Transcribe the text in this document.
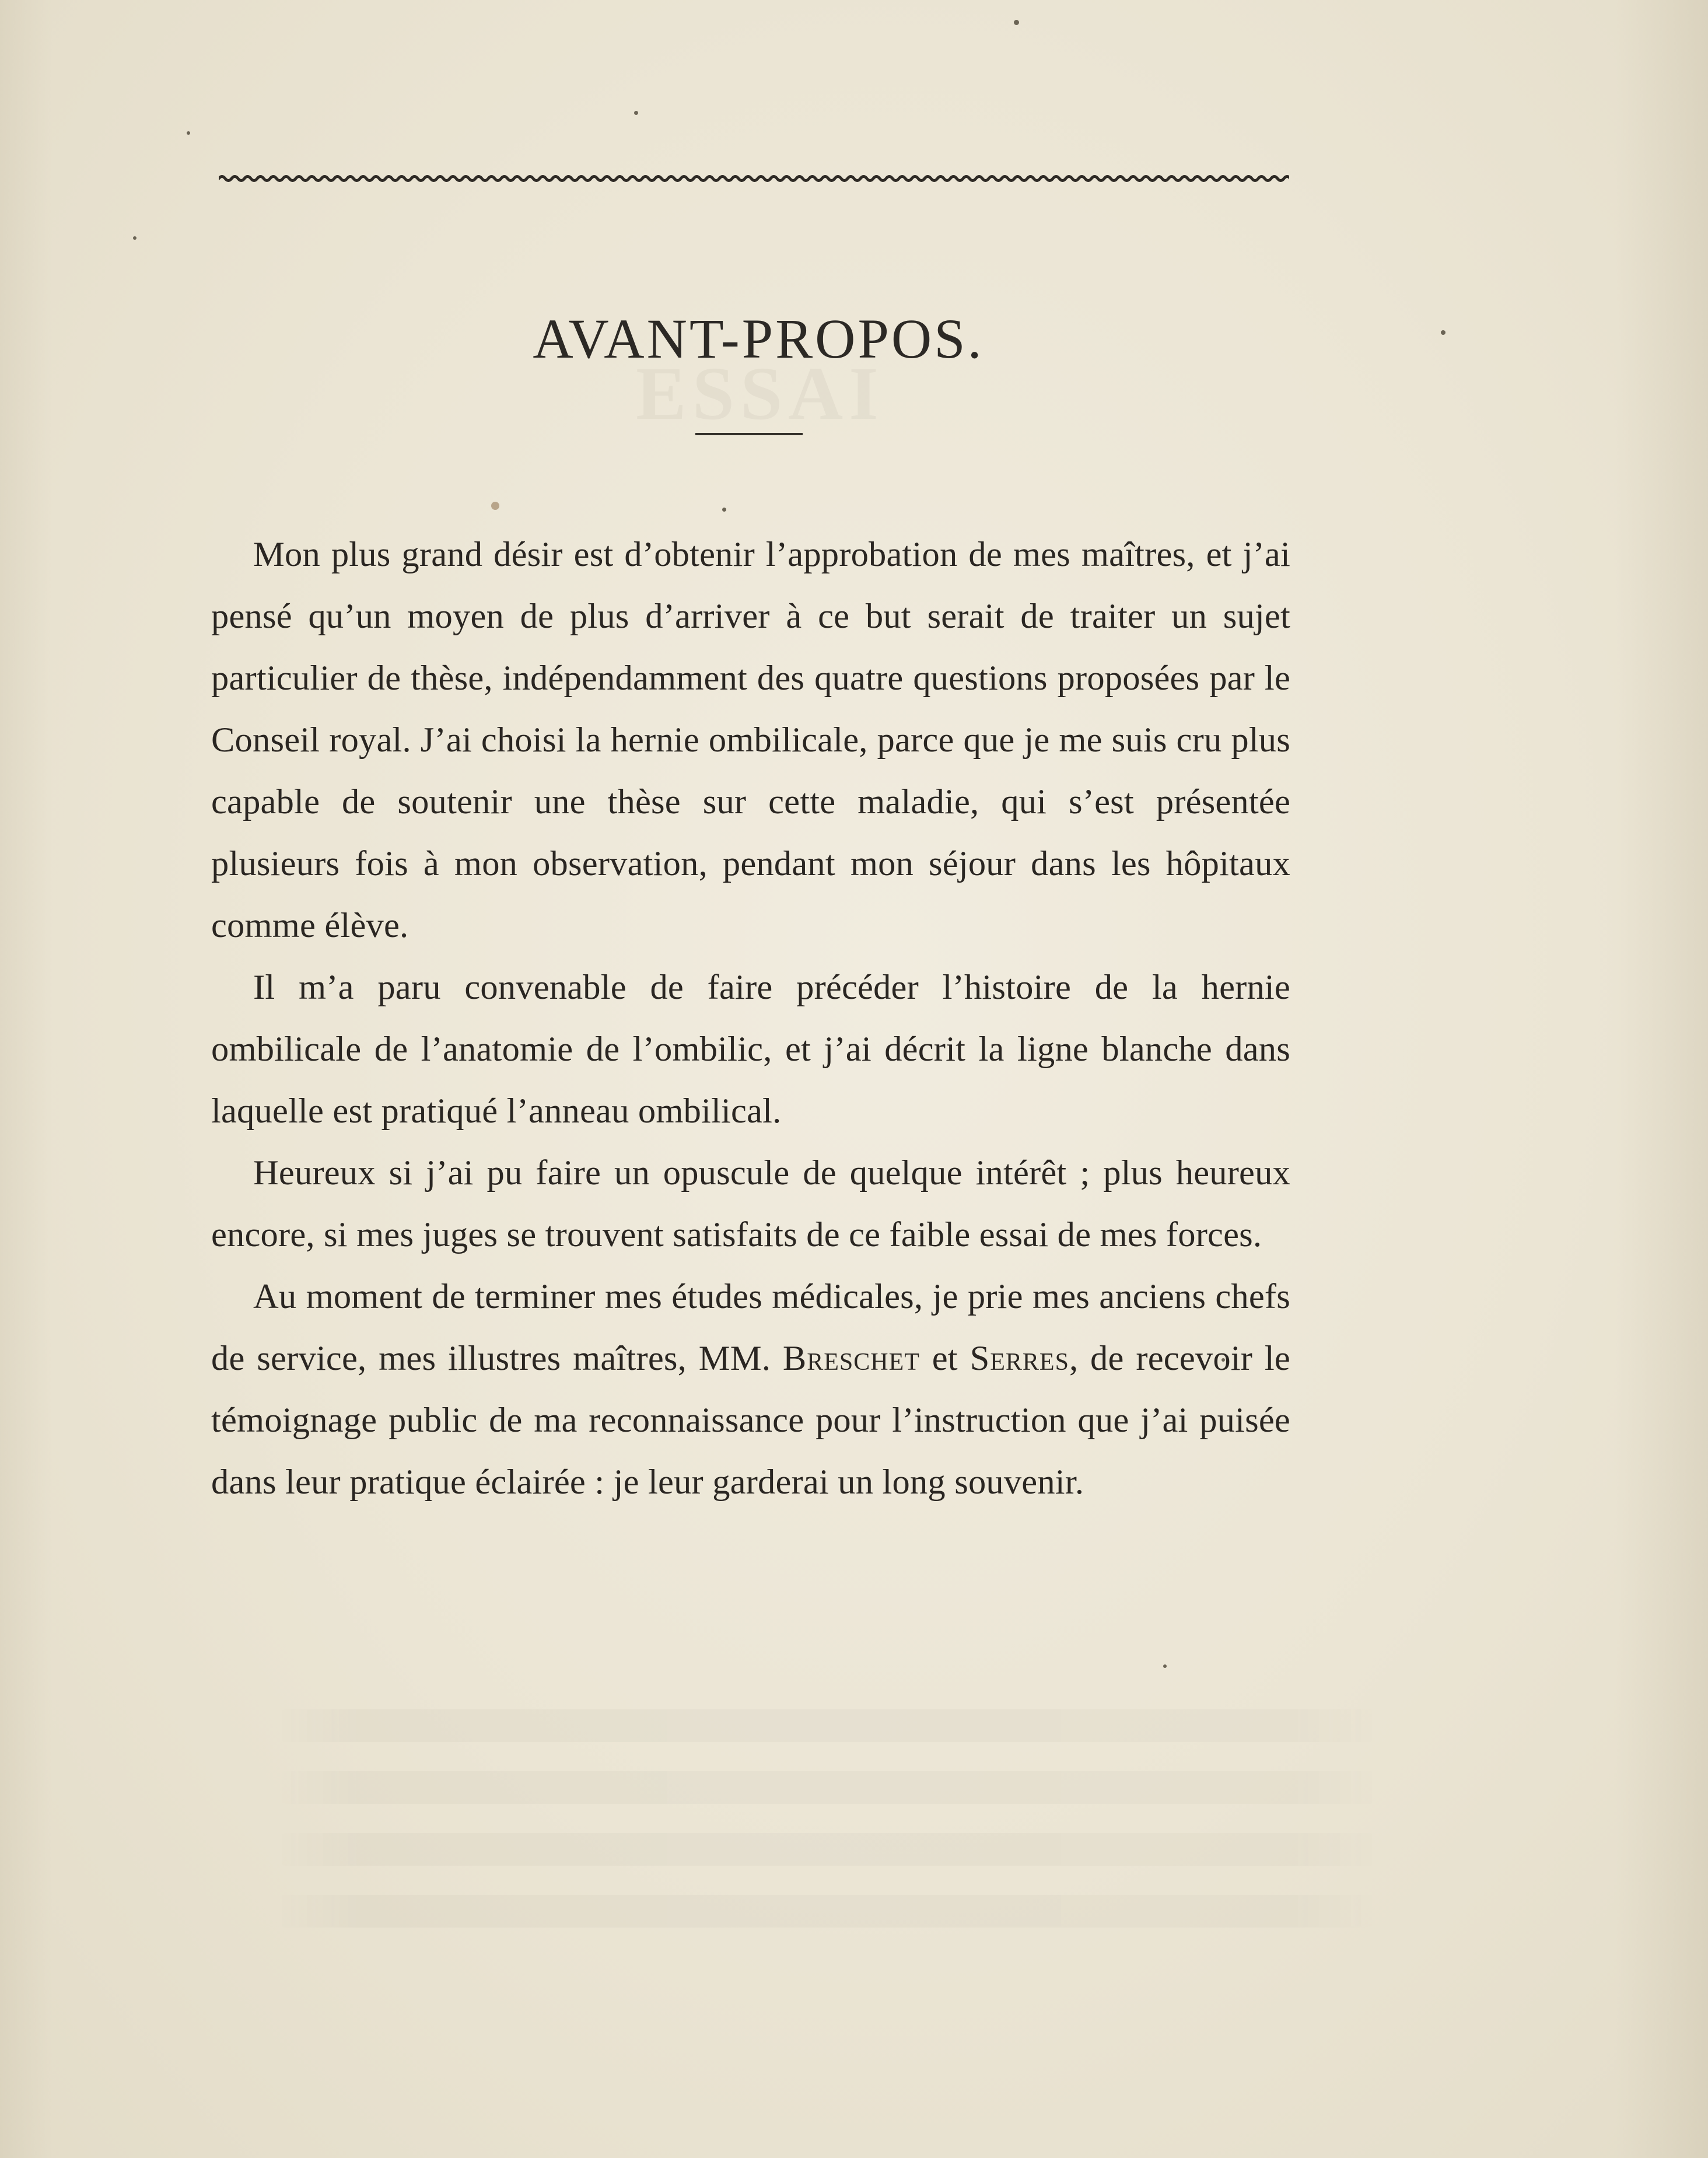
ESSAI
AVANT-PROPOS.

Mon plus grand désir est d’obtenir l’approbation de mes maîtres, et j’ai pensé qu’un moyen de plus d’arriver à ce but serait de traiter un sujet particulier de thèse, indépendamment des quatre questions proposées par le Conseil royal. J’ai choisi la hernie ombilicale, parce que je me suis cru plus capable de soutenir une thèse sur cette maladie, qui s’est présentée plusieurs fois à mon observation, pendant mon séjour dans les hôpitaux comme élève.

Il m’a paru convenable de faire précéder l’histoire de la hernie ombilicale de l’anatomie de l’ombilic, et j’ai décrit la ligne blanche dans laquelle est pratiqué l’anneau ombilical.

Heureux si j’ai pu faire un opuscule de quelque intérêt ; plus heureux encore, si mes juges se trouvent satisfaits de ce faible essai de mes forces.

Au moment de terminer mes études médicales, je prie mes anciens chefs de service, mes illustres maîtres, MM. Breschet et Serres, de recevoir le témoignage public de ma reconnaissance pour l’instruction que j’ai puisée dans leur pratique éclairée : je leur garderai un long souvenir.
